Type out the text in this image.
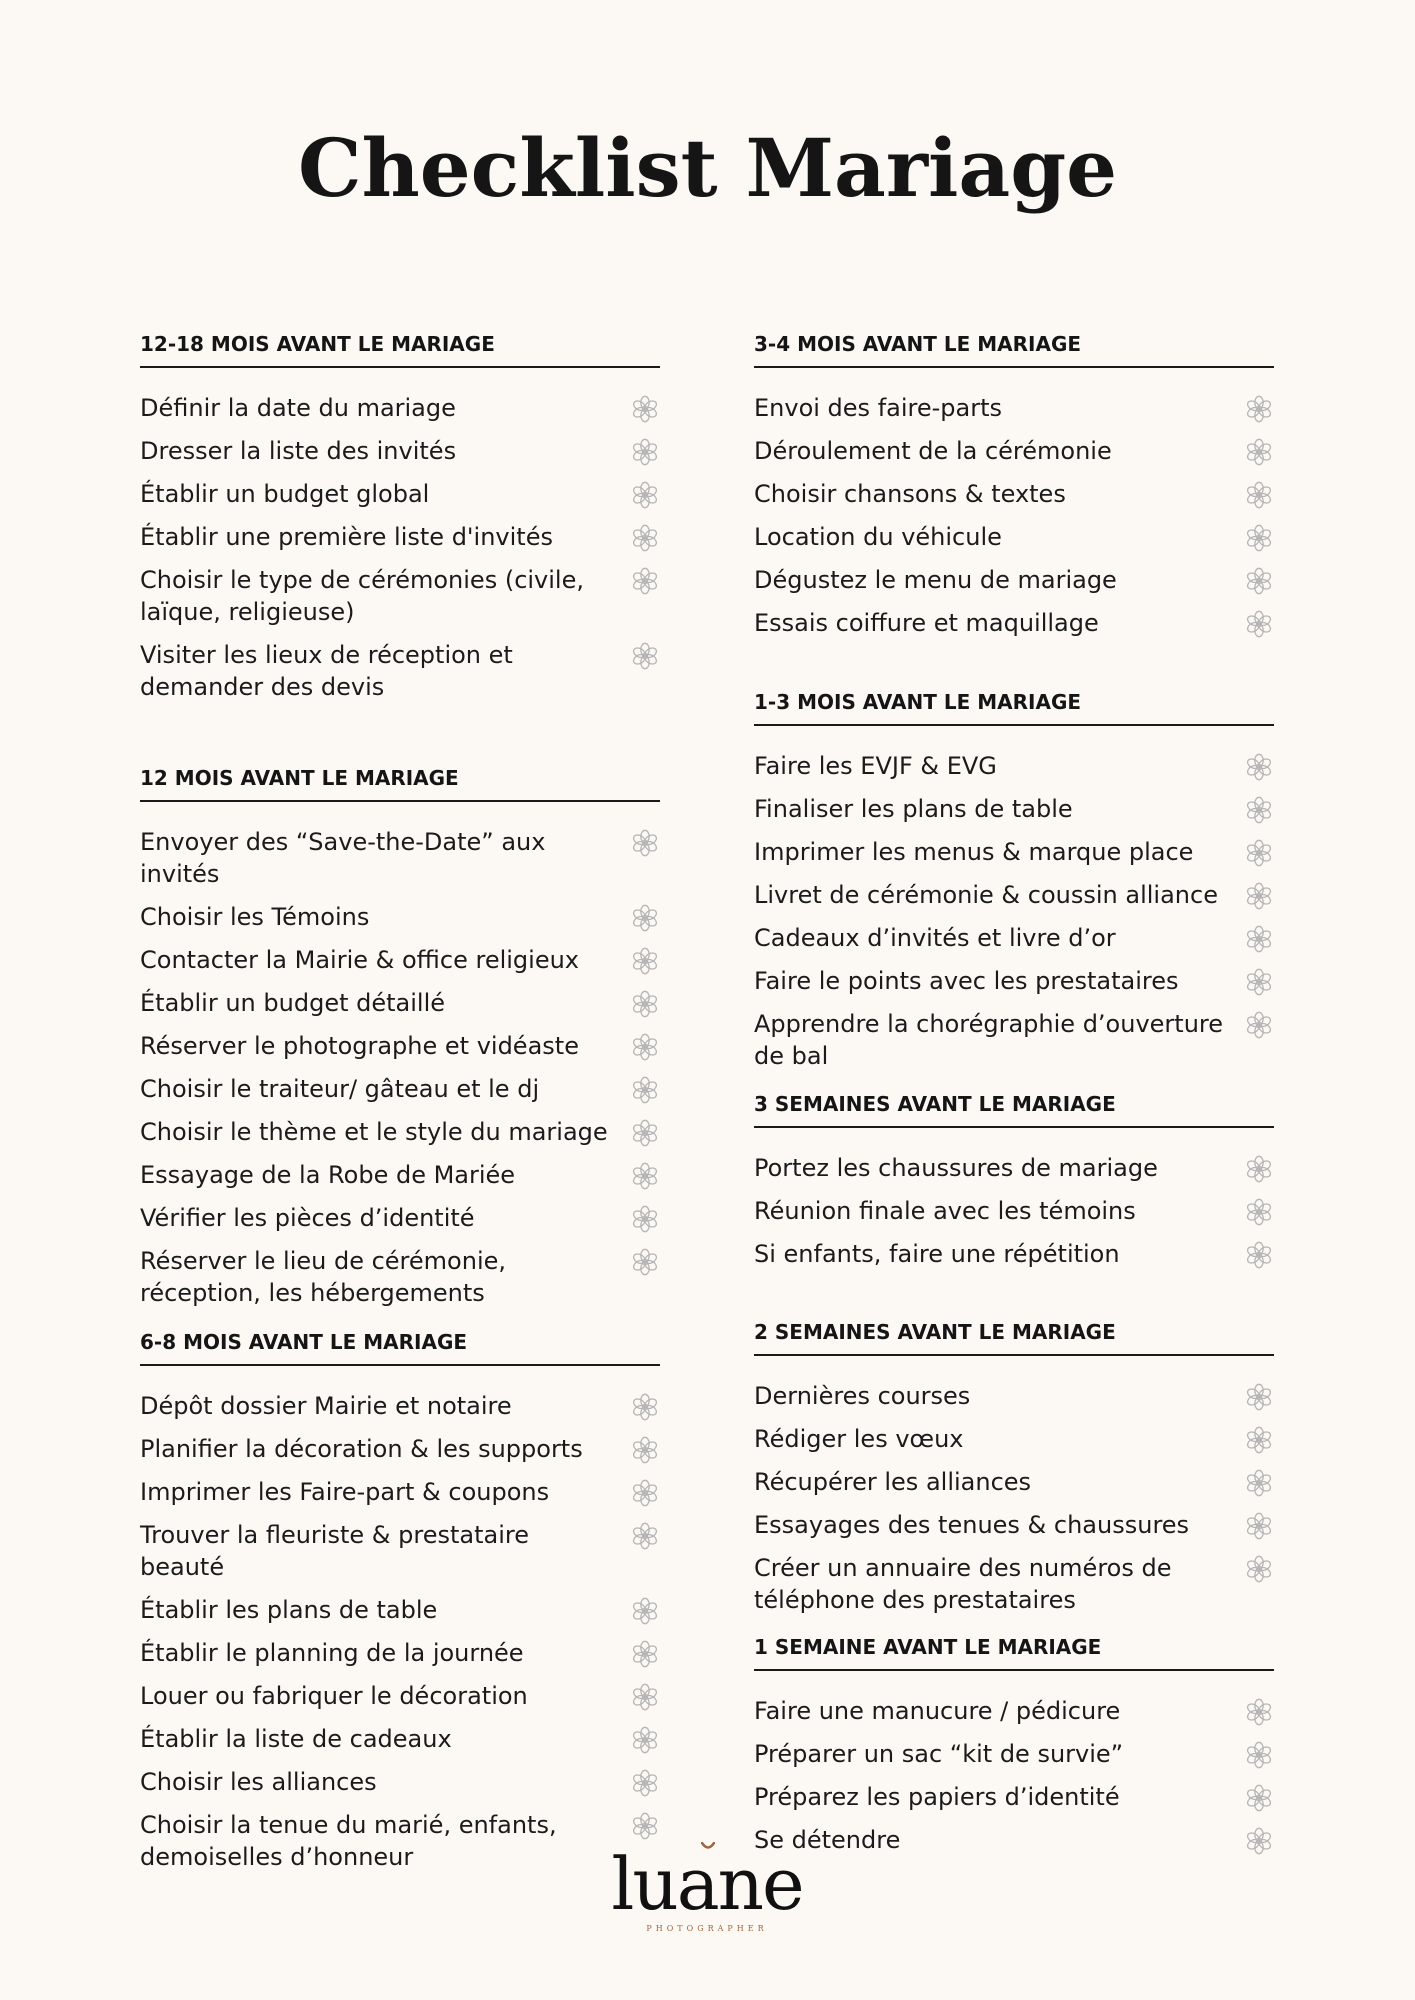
Checklist Mariage
12-18 MOIS AVANT LE MARIAGE
Définir la date du mariage
Dresser la liste des invités
Établir un budget global
Établir une première liste d'invités
Choisir le type de cérémonies (civile, laïque, religieuse)
Visiter les lieux de réception et demander des devis
12 MOIS AVANT LE MARIAGE
Envoyer des “Save-the-Date” aux invités
Choisir les Témoins
Contacter la Mairie & office religieux
Établir un budget détaillé
Réserver le photographe et vidéaste
Choisir le traiteur/ gâteau et le dj
Choisir le thème et le style du mariage
Essayage de la Robe de Mariée
Vérifier les pièces d’identité
Réserver le lieu de cérémonie, réception, les hébergements
6-8 MOIS AVANT LE MARIAGE
Dépôt dossier Mairie et notaire
Planifier la décoration & les supports
Imprimer les Faire-part & coupons
Trouver la fleuriste & prestataire beauté
Établir les plans de table
Établir le planning de la journée
Louer ou fabriquer le décoration
Établir la liste de cadeaux
Choisir les alliances
Choisir la tenue du marié, enfants, demoiselles d’honneur
3-4 MOIS AVANT LE MARIAGE
Envoi des faire-parts
Déroulement de la cérémonie
Choisir chansons & textes
Location du véhicule
Dégustez le menu de mariage
Essais coiffure et maquillage
1-3 MOIS AVANT LE MARIAGE
Faire les EVJF & EVG
Finaliser les plans de table
Imprimer les menus & marque place
Livret de cérémonie & coussin alliance
Cadeaux d’invités et livre d’or
Faire le points avec les prestataires
Apprendre la chorégraphie d’ouverture de bal
3 SEMAINES AVANT LE MARIAGE
Portez les chaussures de mariage
Réunion finale avec les témoins
Si enfants, faire une répétition
2 SEMAINES AVANT LE MARIAGE
Dernières courses
Rédiger les vœux
Récupérer les alliances
Essayages des tenues & chaussures
Créer un annuaire des numéros de téléphone des prestataires
1 SEMAINE AVANT LE MARIAGE
Faire une manucure / pédicure
Préparer un sac “kit de survie”
Préparez les papiers d’identité
Se détendre
luane
PHOTOGRAPHER
